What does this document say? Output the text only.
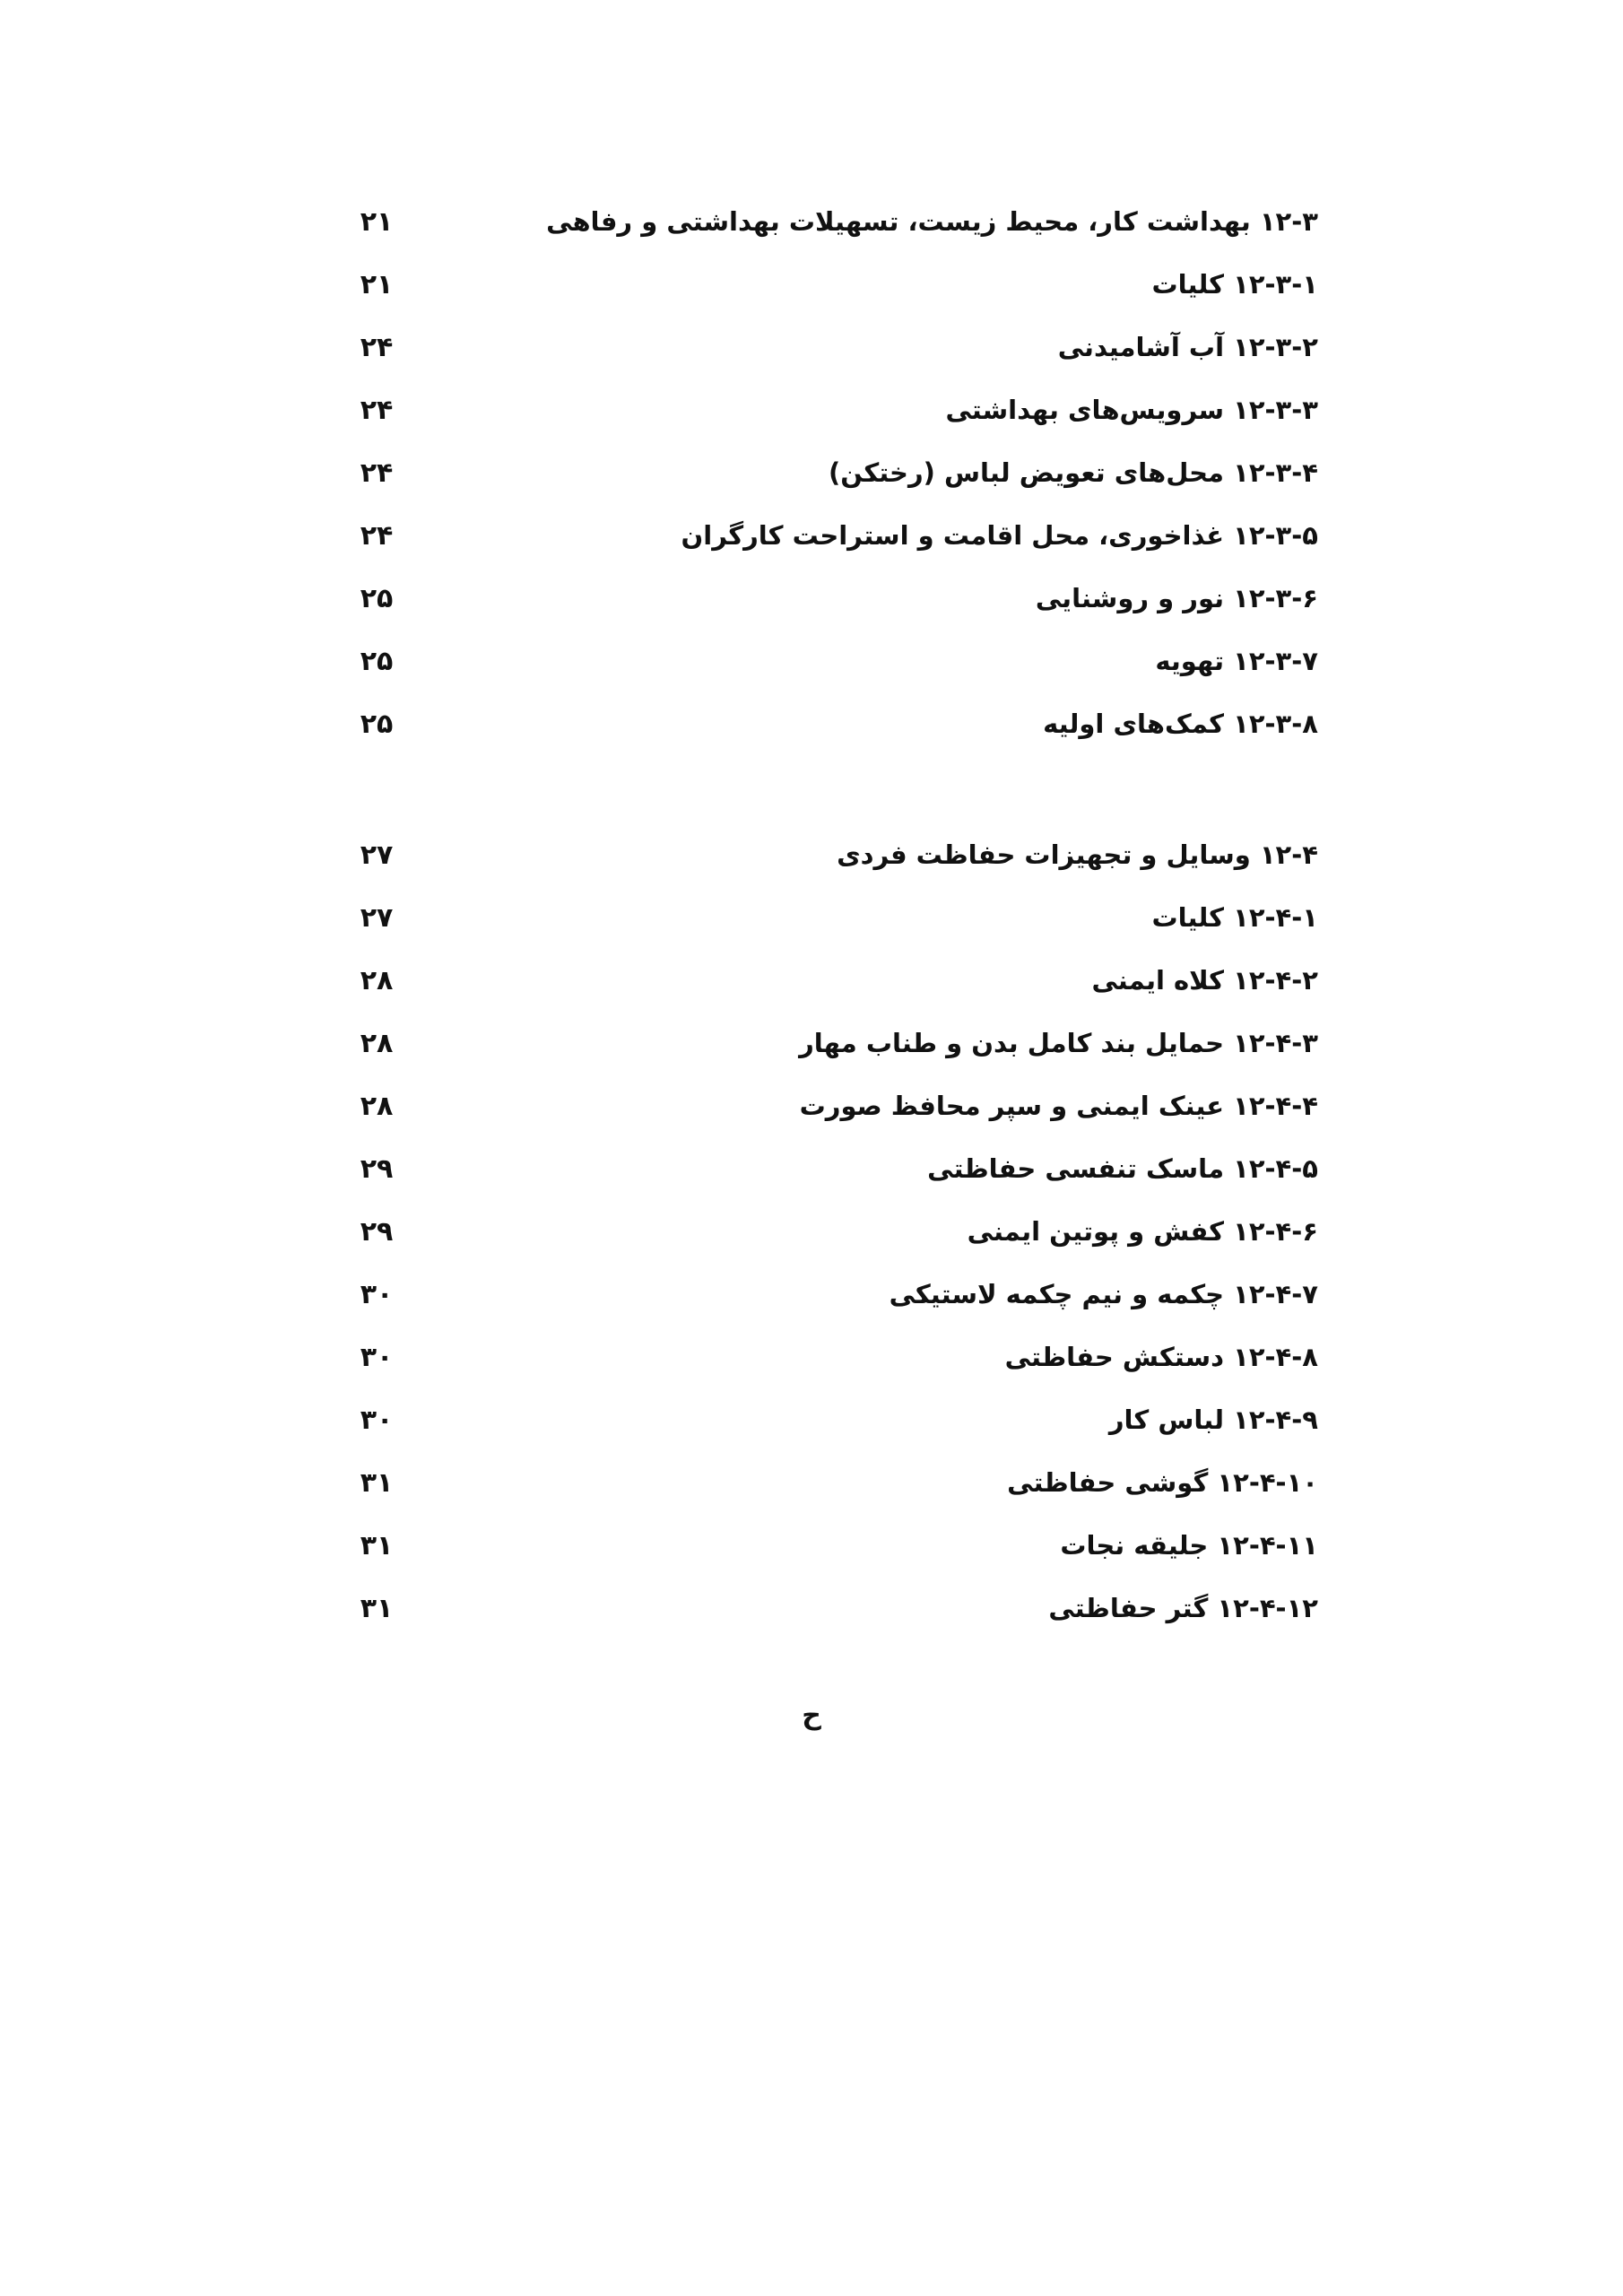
۱۲-۳ بهداشت کار، محیط زیست، تسهیلات بهداشتی و رفاهی
۲۱
۱۲-۳-۱ کلیات
۲۱
۱۲-۳-۲ آب آشامیدنی
۲۴
۱۲-۳-۳ سرویس‌های بهداشتی
۲۴
۱۲-۳-۴ محل‌های تعویض لباس (رختکن)
۲۴
۱۲-۳-۵ غذاخوری، محل اقامت و استراحت کارگران
۲۴
۱۲-۳-۶ نور و روشنایی
۲۵
۱۲-۳-۷ تهویه
۲۵
۱۲-۳-۸ کمک‌های اولیه
۲۵
۱۲-۴ وسایل و تجهیزات حفاظت فردی
۲۷
۱۲-۴-۱ کلیات
۲۷
۱۲-۴-۲ کلاه ایمنی
۲۸
۱۲-۴-۳ حمایل بند کامل بدن و طناب مهار
۲۸
۱۲-۴-۴ عینک ایمنی و سپر محافظ صورت
۲۸
۱۲-۴-۵ ماسک تنفسی حفاظتی
۲۹
۱۲-۴-۶ کفش و پوتین ایمنی
۲۹
۱۲-۴-۷ چکمه و نیم چکمه لاستیکی
۳۰
۱۲-۴-۸ دستکش حفاظتی
۳۰
۱۲-۴-۹ لباس کار
۳۰
۱۲-۴-۱۰ گوشی حفاظتی
۳۱
۱۲-۴-۱۱ جلیقه نجات
۳۱
۱۲-۴-۱۲ گتر حفاظتی
۳۱
ح
